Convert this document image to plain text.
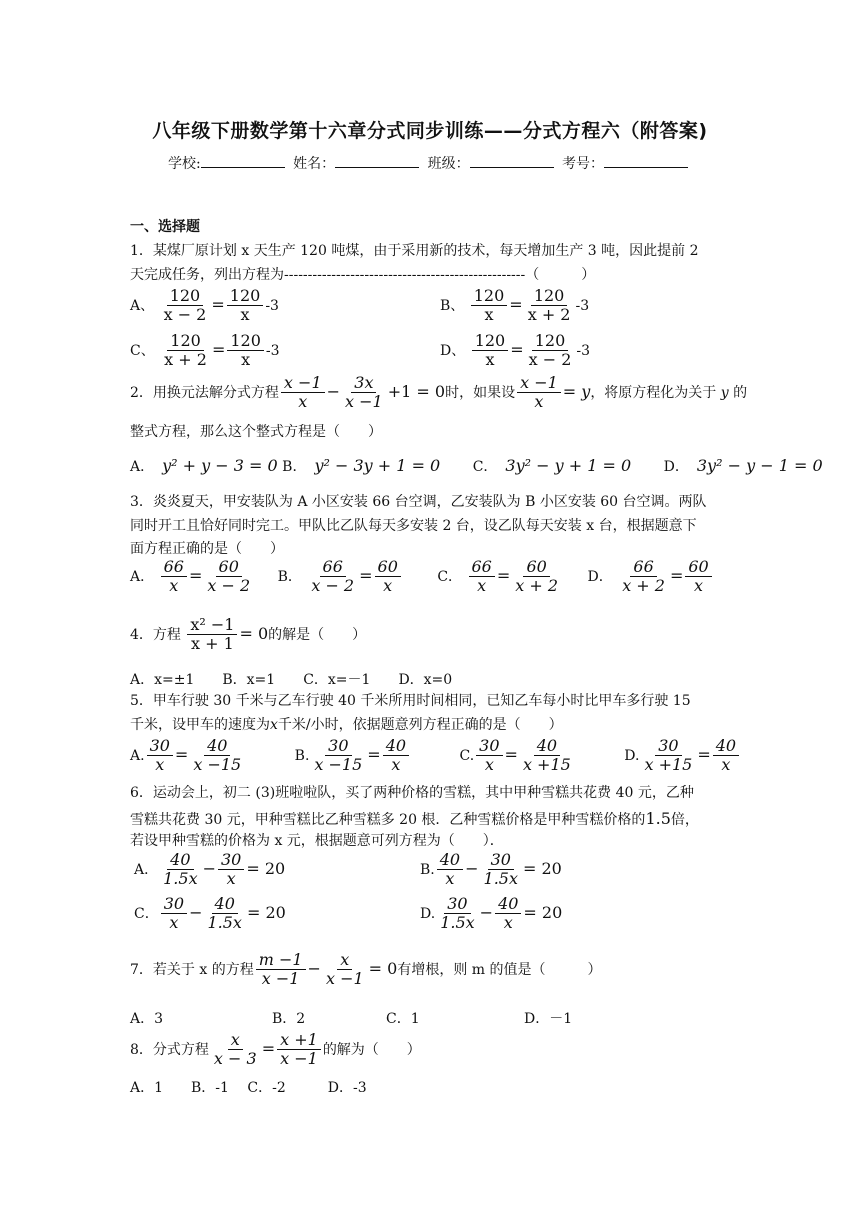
八年级下册数学第十六章分式同步训练——分式方程六（附答案)
学校:	姓名：	班级：	考号：
一、选择题
1．某煤厂原计划 x 天生产 120 吨煤，由于采用新的技术，每天增加生产 3 吨，因此提前 2
天完成任务，列出方程为---------------------------------------------------（　　　）
A、 $\frac{120}{x - 2} = \frac{120}{x} -3$	B、 $\frac{120}{x} = \frac{120}{x + 2} -3$
C、 $\frac{120}{x + 2} = \frac{120}{x} -3$	D、 $\frac{120}{x} = \frac{120}{x - 2} -3$
2．用换元法解分式方程 $\frac{x -1}{x} - \frac{3x}{x -1} +1 = 0$时，如果设 $\frac{x -1}{x} = y$，将原方程化为关于 y 的
整式方程，那么这个整式方程是（　　）
A． y² + y − 3 = 0 B． y² − 3y + 1 = 0 C． 3y² − y + 1 = 0 D． 3y² − y − 1 = 0
3．炎炎夏天，甲安装队为 A 小区安装 66 台空调，乙安装队为 B 小区安装 60 台空调。两队
同时开工且恰好同时完工。甲队比乙队每天多安装 2 台，设乙队每天安装 x 台，根据题意下
面方程正确的是（　　）
A． $\frac{66}{x} = \frac{60}{x - 2}$ B． $\frac{66}{x - 2} = \frac{60}{x}$	C． $\frac{66}{x} = \frac{60}{x + 2}$ D． $\frac{66}{x + 2} = \frac{60}{x}$
4．方程 $\frac{\text{x² −1}}{x + 1} = 0$的解是（　　）
A．x=±1　　B．x=1　　C．x=－1　　D．x=0
5．甲车行驶 30 千米与乙车行驶 40 千米所用时间相同，已知乙车每小时比甲车多行驶 15
千米，设甲车的速度为x千米/小时，依据题意列方程正确的是（　　）
A. $\frac{30}{x} = \frac{40}{x -15}$	B. $\frac{30}{x -15} = \frac{40}{x}$	C. $\frac{30}{x} = \frac{40}{x +15}$	D. $\frac{30}{x +15} = \frac{40}{x}$
6．运动会上，初二 (3)班啦啦队，买了两种价格的雪糕，其中甲种雪糕共花费 40 元，乙种
雪糕共花费 30 元，甲种雪糕比乙种雪糕多 20 根．乙种雪糕价格是甲种雪糕价格的1.5倍，
若设甲种雪糕的价格为 x 元，根据题意可列方程为（　　）．
A． $\frac{40}{1.5x} - \frac{30}{x} = 20$	B. $\frac{40}{x} - \frac{30}{1.5x} = 20$
C． $\frac{30}{x} - \frac{40}{1.5x} = 20$	D. $\frac{30}{1.5x} - \frac{40}{x} = 20$
7．若关于 x 的方程 $\frac{m -1}{x -1} - \frac{x}{x -1} = 0$有增根，则 m 的值是（　　　）
A．3	B．2	C．1	D．－1
8．分式方程 $\frac{x}{x - 3} = \frac{x +1}{x -1}$ 的解为（　　）
A．1　　B．-1　 C．-2　　　D．-3
